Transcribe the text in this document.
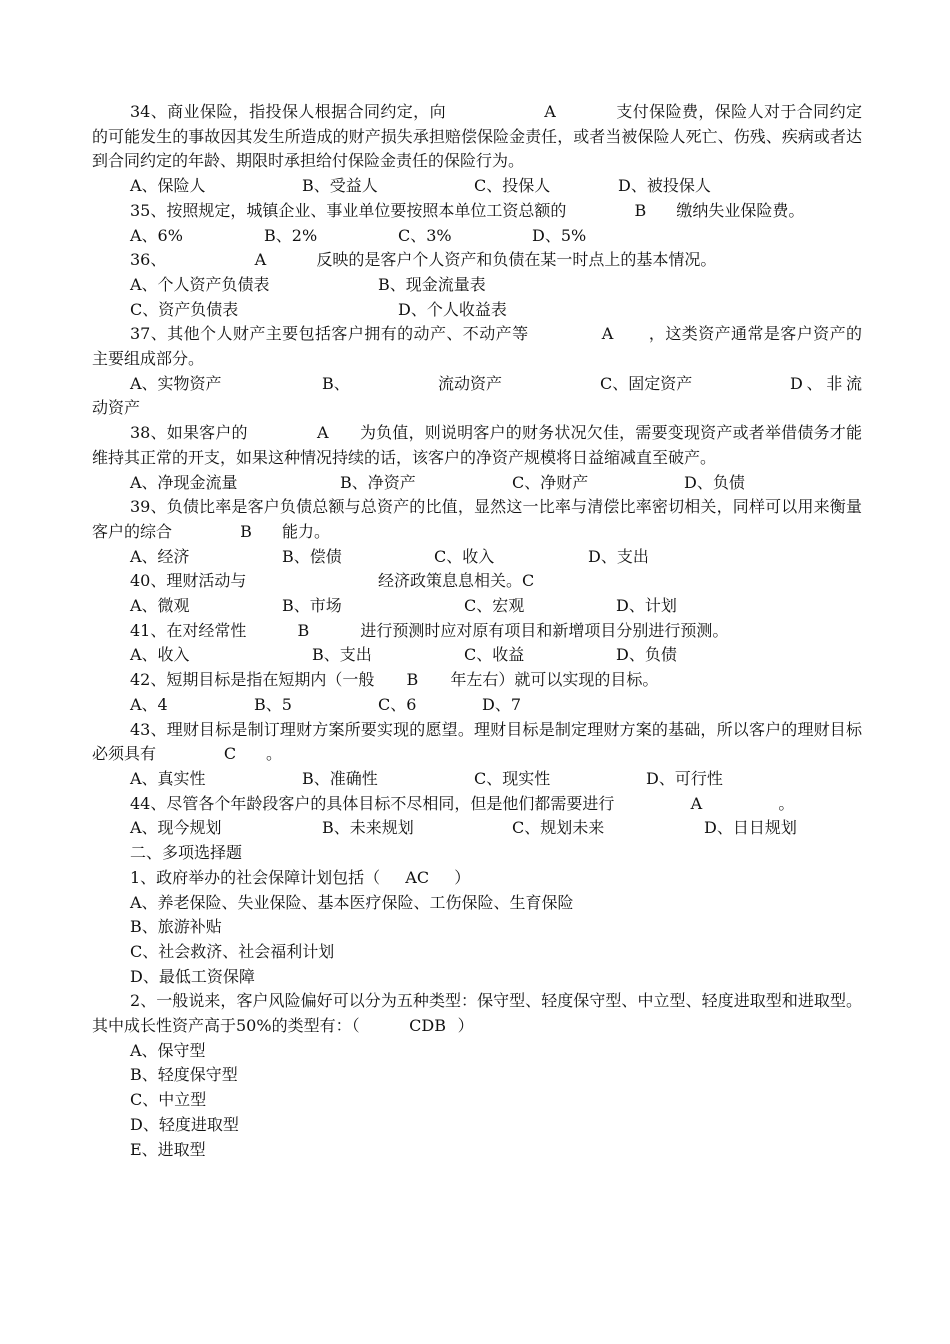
34、商业保险，指投保人根据合同约定，向	A	支付保险费，保险人对于合同约定的可能发生的事故因其发生所造成的财产损失承担赔偿保险金责任，或者当被保险人死亡、伤残、疾病或者达到合同约定的年龄、期限时承担给付保险金责任的保险行为。

A、保险人	B、受益人	C、投保人	D、被投保人

35、按照规定，城镇企业、事业单位要按照本单位工资总额的	B 缴纳失业保险费。

A、6%	B、2%	C、3%	D、5%

36、	A	反映的是客户个人资产和负债在某一时点上的基本情况。

A、个人资产负债表	B、现金流量表

C、资产负债表	D、个人收益表

37、其他个人财产主要包括客户拥有的动产、不动产等	A ，这类资产通常是客户资产的主要组成部分。

A、实物资产	B、	流动资产	C、固定资产	D、非流动资产

38、如果客户的	A 为负值，则说明客户的财务状况欠佳，需要变现资产或者举借债务才能维持其正常的开支，如果这种情况持续的话，该客户的净资产规模将日益缩减直至破产。

A、净现金流量	B、净资产	C、净财产	D、负债

39、负债比率是客户负债总额与总资产的比值，显然这一比率与清偿比率密切相关，同样可以用来衡量客户的综合	B 能力。

A、经济	B、偿债	C、收入	D、支出

40、理财活动与	经济政策息息相关。C

A、微观	B、市场	C、宏观	D、计划

41、在对经常性	B	进行预测时应对原有项目和新增项目分别进行预测。

A、收入	B、支出	C、收益	D、负债

42、短期目标是指在短期内（一般 B 年左右）就可以实现的目标。

A、4	B、5	C、6	D、7

43、理财目标是制订理财方案所要实现的愿望。理财目标是制定理财方案的基础，所以客户的理财目标必须具有	C 。

A、真实性	B、准确性	C、现实性	D、可行性

44、尽管各个年龄段客户的具体目标不尽相同，但是他们都需要进行	A	。

A、现今规划	B、未来规划	C、规划未来	D、日日规划

二、多项选择题

1、政府举办的社会保障计划包括（ AC ）

A、养老保险、失业保险、基本医疗保险、工伤保险、生育保险

B、旅游补贴

C、社会救济、社会福利计划

D、最低工资保障

2、一般说来，客户风险偏好可以分为五种类型：保守型、轻度保守型、中立型、轻度进取型和进取型。其中成长性资产高于50%的类型有：（	CDB ）

A、保守型

B、轻度保守型

C、中立型

D、轻度进取型

E、进取型
